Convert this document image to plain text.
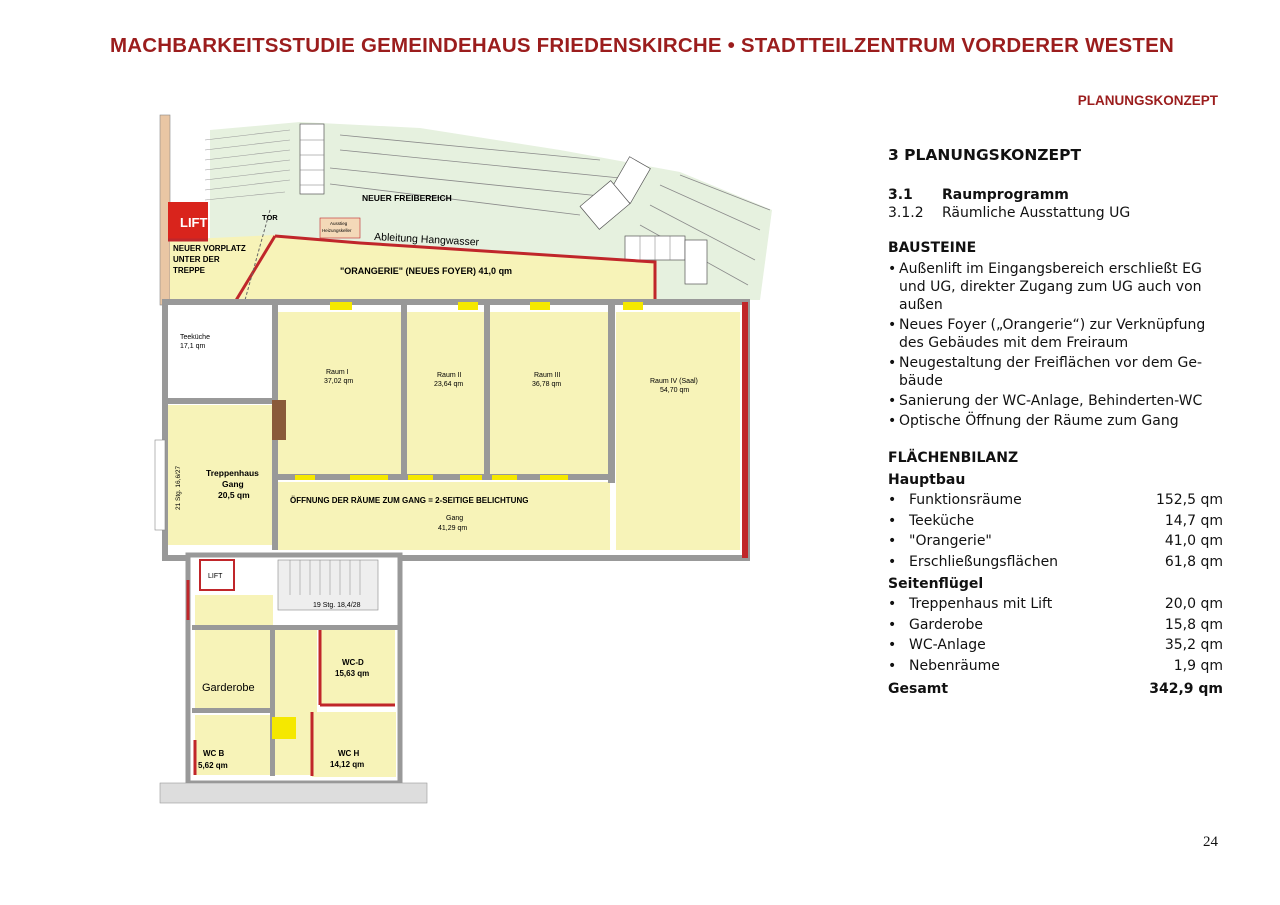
MACHBARKEITSSTUDIE GEMEINDEHAUS FRIEDENSKIRCHE • STADTTEILZENTRUM VORDERER WESTEN
PLANUNGSKONZEPT
LIFT	TOR
NEUER VORPLATZ
UNTER DER
TREPPE
NEUER FREIBEREICH
Ausstieg
Heizungskeller
Ableitung Hangwasser
"ORANGERIE" (NEUES FOYER) 41,0 qm
Teeküche
17,1 qm
Raum I
37,02 qm
Raum II
23,64 qm
Raum III
36,78 qm	Raum IV (Saal)
54,70 qm
Treppenhaus
Gang
20,5 qm
21 Stg. 16,6/27	ÖFFNUNG DER RÄUME ZUM GANG = 2-SEITIGE BELICHTUNG
Gang
41,29 qm
LIFT
19 Stg. 18,4/28
Garderobe
WC-D
15,63 qm
WC B
5,62 qm
WC H
14,12 qm
3 PLANUNGSKONZEPT
3.1 Raumprogramm
3.1.2 Räumliche Ausstattung UG
BAUSTEINE
• Außenlift im Eingangsbereich erschließt EG und UG, direkter Zugang zum UG auch von außen
• Neues Foyer („Orangerie“) zur Verknüpfung des Gebäudes mit dem Freiraum
• Neugestaltung der Freiflächen vor dem Ge-bäude
• Sanierung der WC-Anlage, Behinderten-WC
• Optische Öffnung der Räume zum Gang
FLÄCHENBILANZ
Hauptbau
• Funktionsräume	152,5 qm
• Teeküche	14,7 qm
• "Orangerie"	41,0 qm
• Erschließungsflächen	61,8 qm
Seitenflügel
• Treppenhaus mit Lift	20,0 qm
• Garderobe	15,8 qm
• WC-Anlage	35,2 qm
• Nebenräume	1,9 qm
Gesamt	342,9 qm
24
